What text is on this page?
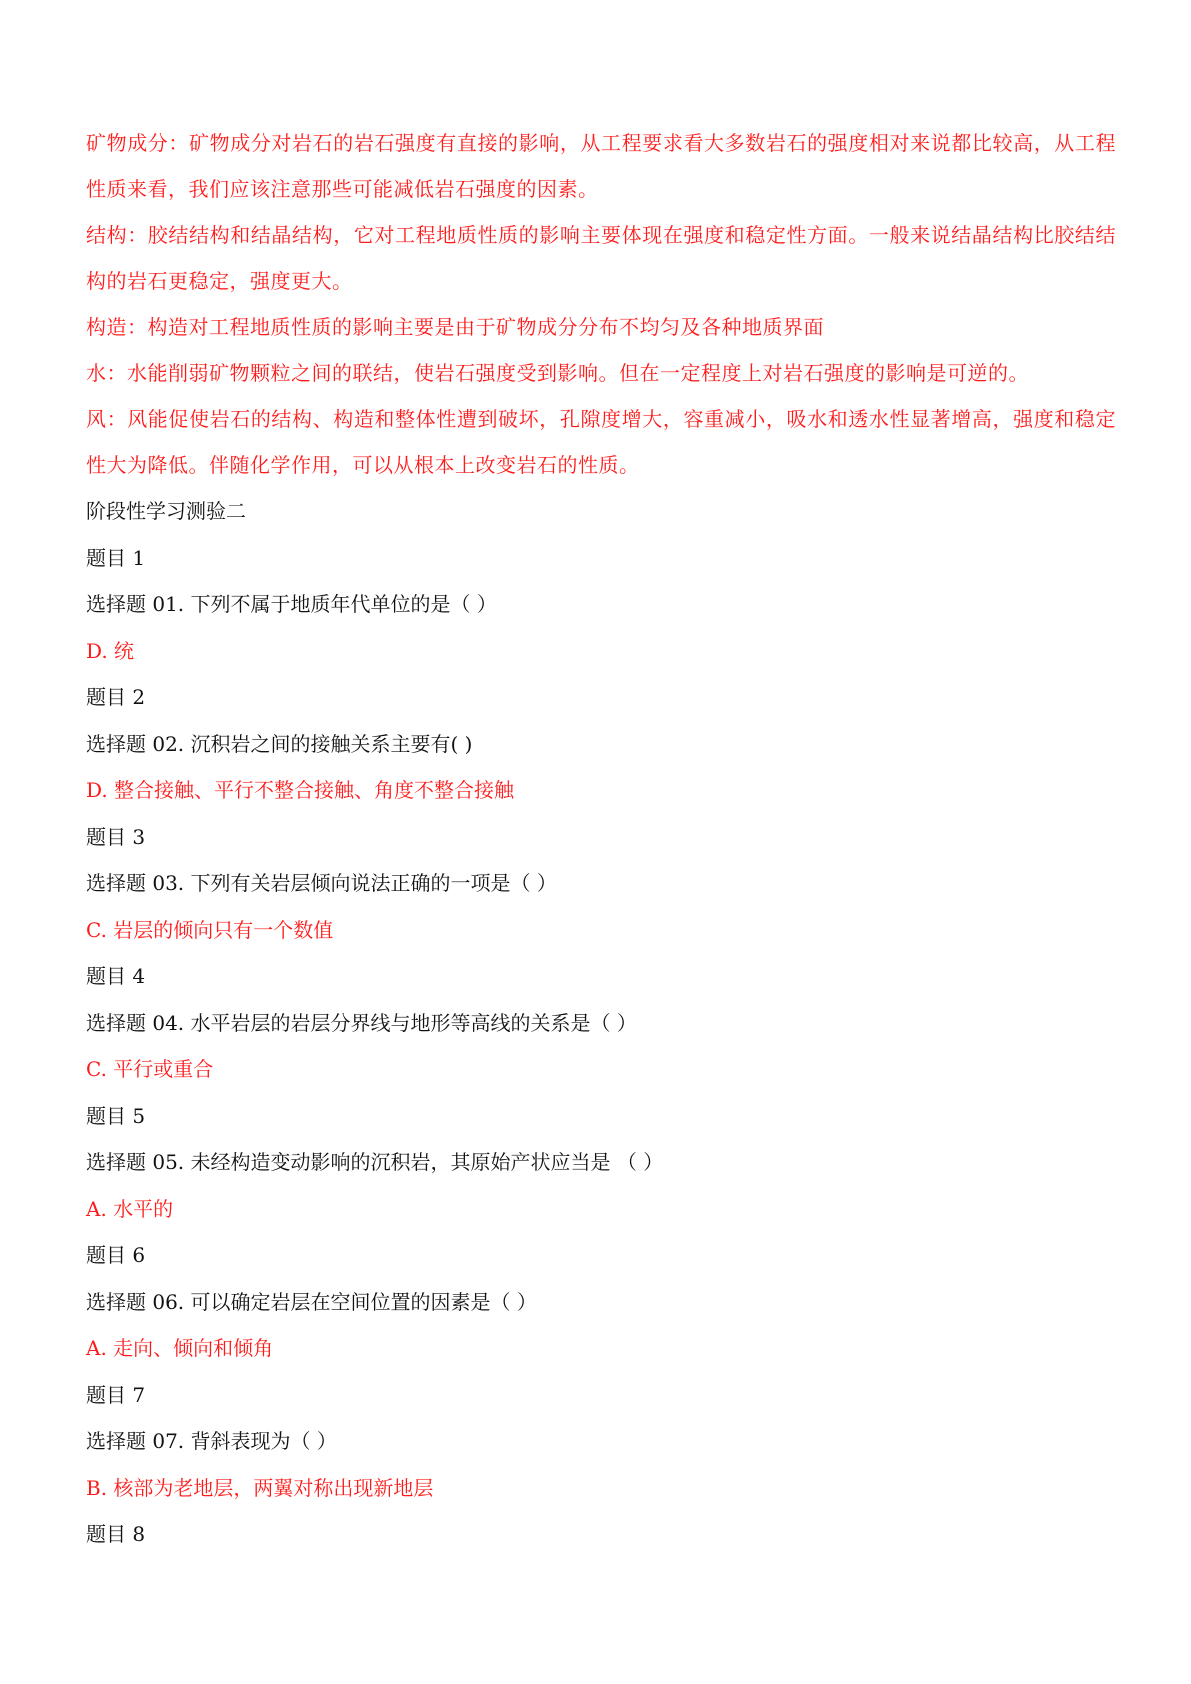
矿物成分：矿物成分对岩石的岩石强度有直接的影响，从工程要求看大多数岩石的强度相对来说都比较高，从工程性质来看，我们应该注意那些可能减低岩石强度的因素。

结构：胶结结构和结晶结构，它对工程地质性质的影响主要体现在强度和稳定性方面。一般来说结晶结构比胶结结构的岩石更稳定，强度更大。

构造：构造对工程地质性质的影响主要是由于矿物成分分布不均匀及各种地质界面

水：水能削弱矿物颗粒之间的联结，使岩石强度受到影响。但在一定程度上对岩石强度的影响是可逆的。

风：风能促使岩石的结构、构造和整体性遭到破坏，孔隙度增大，容重减小，吸水和透水性显著增高，强度和稳定性大为降低。伴随化学作用，可以从根本上改变岩石的性质。

阶段性学习测验二

题目 1

选择题 01. 下列不属于地质年代单位的是（ ）

D. 统

题目 2

选择题 02. 沉积岩之间的接触关系主要有( )

D. 整合接触、平行不整合接触、角度不整合接触

题目 3

选择题 03. 下列有关岩层倾向说法正确的一项是（ ）

C. 岩层的倾向只有一个数值

题目 4

选择题 04. 水平岩层的岩层分界线与地形等高线的关系是（ ）

C. 平行或重合

题目 5

选择题 05. 未经构造变动影响的沉积岩，其原始产状应当是 （ ）

A. 水平的

题目 6

选择题 06. 可以确定岩层在空间位置的因素是（ ）

A. 走向、倾向和倾角

题目 7

选择题 07. 背斜表现为（ ）

B. 核部为老地层，两翼对称出现新地层

题目 8
